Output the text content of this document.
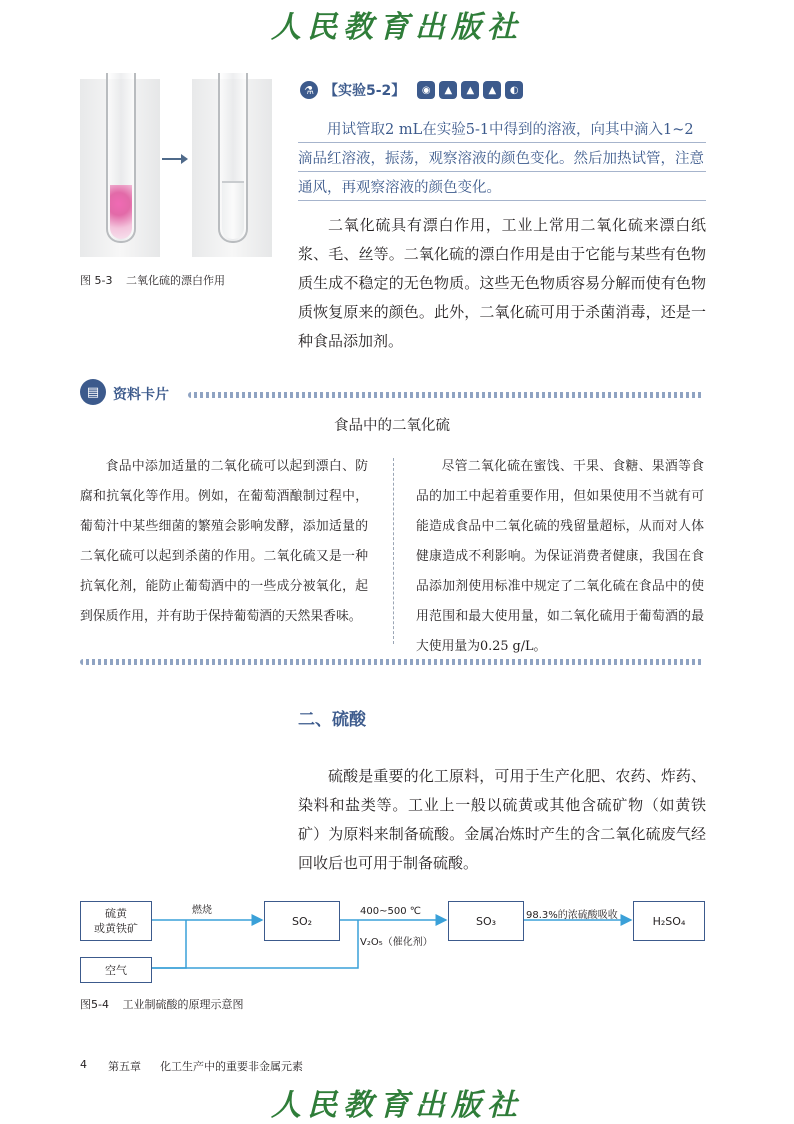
人民教育出版社
图 5-3 二氧化硫的漂白作用
⚗ 【实验5-2】	◉	▲	▲	▲	◐
用试管取2 mL在实验5-1中得到的溶液，向其中滴入1~2滴品红溶液，振荡，观察溶液的颜色变化。然后加热试管，注意通风，再观察溶液的颜色变化。
二氧化硫具有漂白作用，工业上常用二氧化硫来漂白纸浆、毛、丝等。二氧化硫的漂白作用是由于它能与某些有色物质生成不稳定的无色物质。这些无色物质容易分解而使有色物质恢复原来的颜色。此外，二氧化硫可用于杀菌消毒，还是一种食品添加剂。
▤ 资料卡片
食品中的二氧化硫
食品中添加适量的二氧化硫可以起到漂白、防腐和抗氧化等作用。例如，在葡萄酒酿制过程中，葡萄汁中某些细菌的繁殖会影响发酵，添加适量的二氧化硫可以起到杀菌的作用。二氧化硫又是一种抗氧化剂，能防止葡萄酒中的一些成分被氧化，起到保质作用，并有助于保持葡萄酒的天然果香味。
尽管二氧化硫在蜜饯、干果、食糖、果酒等食品的加工中起着重要作用，但如果使用不当就有可能造成食品中二氧化硫的残留量超标，从而对人体健康造成不利影响。为保证消费者健康，我国在食品添加剂使用标准中规定了二氧化硫在食品中的使用范围和最大使用量，如二氧化硫用于葡萄酒的最大使用量为0.25 g/L。
二、硫酸
硫酸是重要的化工原料，可用于生产化肥、农药、炸药、染料和盐类等。工业上一般以硫黄或其他含硫矿物（如黄铁矿）为原料来制备硫酸。金属冶炼时产生的含二氧化硫废气经回收后也可用于制备硫酸。
硫黄
或黄铁矿
空气
SO₂	SO₃	H₂SO₄
燃烧	400~500 ℃
V₂O₅（催化剂）
98.3%的浓硫酸吸收
图5-4 工业制硫酸的原理示意图
4 第五章 化工生产中的重要非金属元素
人民教育出版社
